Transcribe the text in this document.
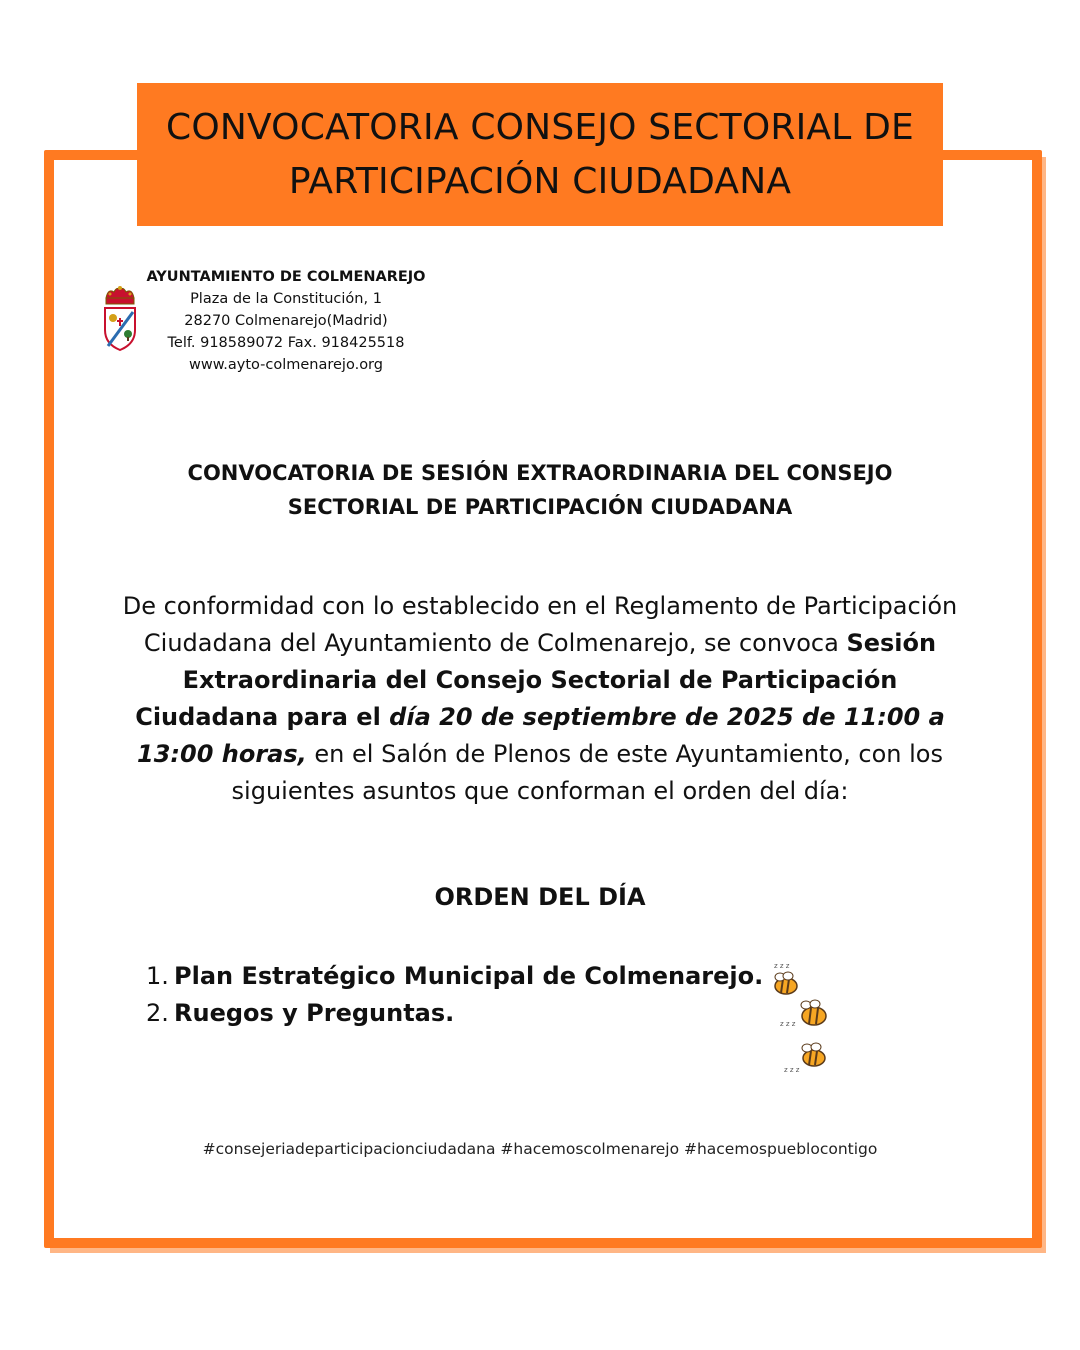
CONVOCATORIA CONSEJO SECTORIAL DE
PARTICIPACIÓN CIUDADANA
AYUNTAMIENTO DE COLMENAREJO
Plaza de la Constitución, 1
28270 Colmenarejo(Madrid)
Telf. 918589072 Fax. 918425518
www.ayto-colmenarejo.org
CONVOCATORIA DE SESIÓN EXTRAORDINARIA DEL CONSEJO
SECTORIAL DE PARTICIPACIÓN CIUDADANA

De conformidad con lo establecido en el Reglamento de Participación Ciudadana del Ayuntamiento de Colmenarejo, se convoca Sesión Extraordinaria del Consejo Sectorial de Participación Ciudadana para el día 20 de septiembre de 2025 de 11:00 a 13:00 horas, en el Salón de Plenos de este Ayuntamiento, con los siguientes asuntos que conforman el orden del día:

ORDEN DEL DÍA
1. Plan Estratégico Municipal de Colmenarejo.
2. Ruegos y Preguntas.
z z z
z z z
z z z

#consejeriadeparticipacionciudadana #hacemoscolmenarejo #hacemospueblocontigo
